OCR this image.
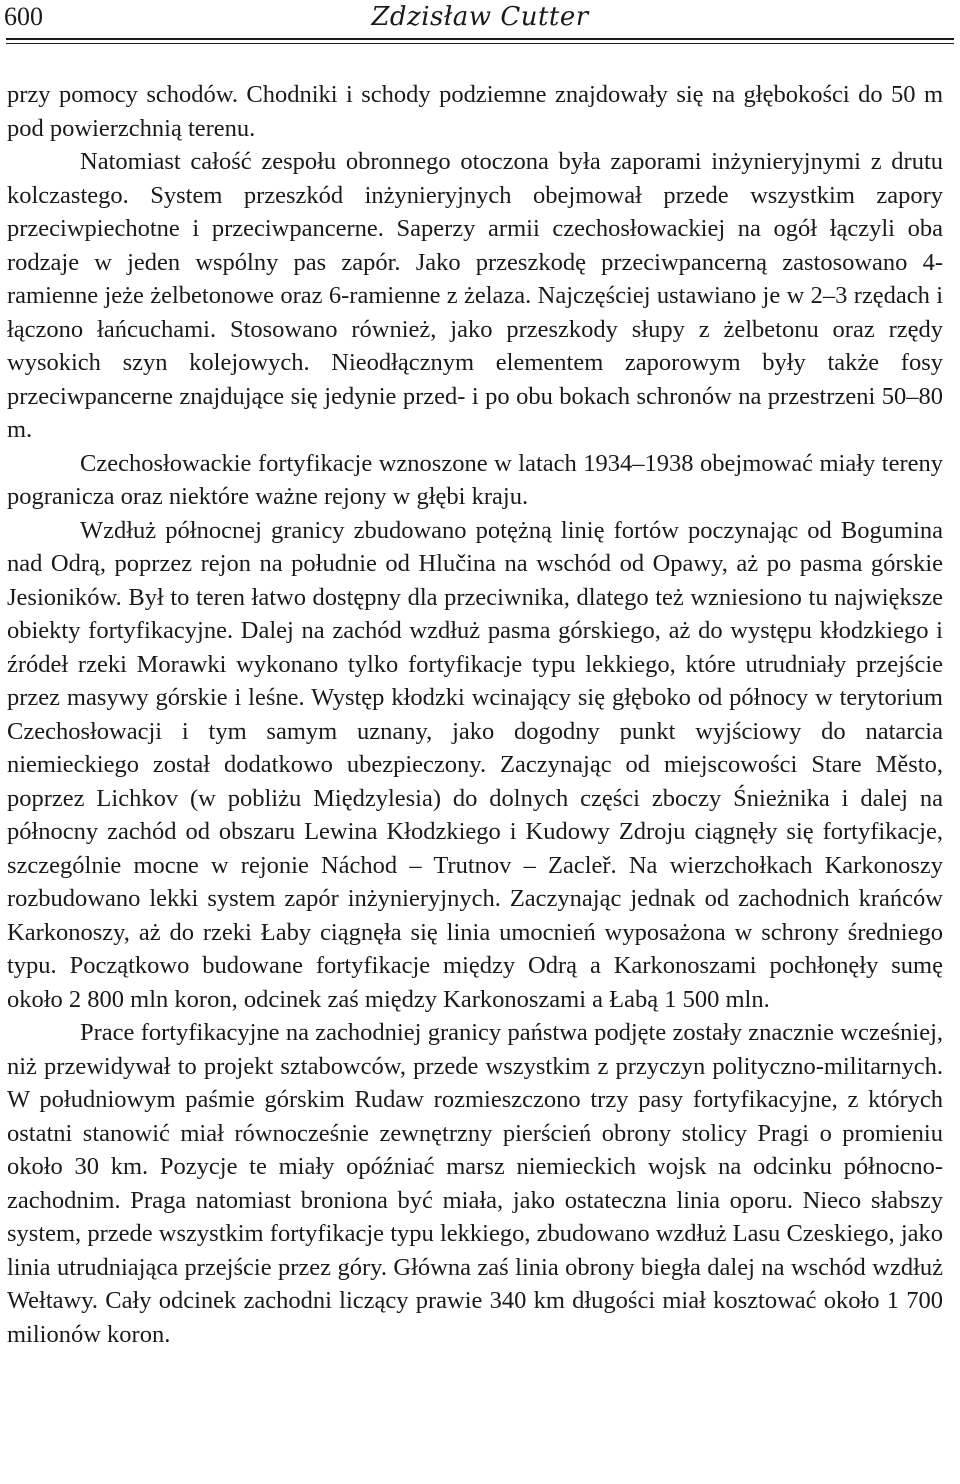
600	Zdzisław Cutter

przy pomocy schodów. Chodniki i schody podziemne znajdowały się na głębokości do 50 m pod powierzchnią terenu.

Natomiast całość zespołu obronnego otoczona była zaporami inżynieryjnymi z drutu kolczastego. System przeszkód inżynieryjnych obejmował przede wszystkim zapory przeciwpiechotne i przeciwpancerne. Saperzy armii czechosłowackiej na ogół łączyli oba rodzaje w jeden wspólny pas zapór. Jako przeszkodę przeciwpancerną zastosowano 4-ramienne jeże żelbetonowe oraz 6-ramienne z żelaza. Najczęściej ustawiano je w 2–3 rzędach i łączono łańcuchami. Stosowano również, jako przeszkody słupy z żelbetonu oraz rzędy wysokich szyn kolejowych. Nieodłącznym elementem zaporowym były także fosy przeciwpancerne znajdujące się jedynie przed- i po obu bokach schronów na przestrzeni 50–80 m.

Czechosłowackie fortyfikacje wznoszone w latach 1934–1938 obejmować miały tereny pogranicza oraz niektóre ważne rejony w głębi kraju.

Wzdłuż północnej granicy zbudowano potężną linię fortów poczynając od Bogumina nad Odrą, poprzez rejon na południe od Hlučina na wschód od Opawy, aż po pasma górskie Jesioników. Był to teren łatwo dostępny dla przeciwnika, dlatego też wzniesiono tu największe obiekty fortyfikacyjne. Dalej na zachód wzdłuż pasma górskiego, aż do występu kłodzkiego i źródeł rzeki Morawki wykonano tylko fortyfikacje typu lekkiego, które utrudniały przejście przez masywy górskie i leśne. Występ kłodzki wcinający się głęboko od północy w terytorium Czechosłowacji i tym samym uznany, jako dogodny punkt wyjściowy do natarcia niemieckiego został dodatkowo ubezpieczony. Zaczynając od miejscowości Stare Město, poprzez Lichkov (w pobliżu Międzylesia) do dolnych części zboczy Śnieżnika i dalej na północny zachód od obszaru Lewina Kłodzkiego i Kudowy Zdroju ciągnęły się fortyfikacje, szczególnie mocne w rejonie Náchod – Trutnov – Zacleř. Na wierzchołkach Karkonoszy rozbudowano lekki system zapór inżynieryjnych. Zaczynając jednak od zachodnich krańców Karkonoszy, aż do rzeki Łaby ciągnęła się linia umocnień wyposażona w schrony średniego typu. Początkowo budowane fortyfikacje między Odrą a Karkonoszami pochłonęły sumę około 2 800 mln koron, odcinek zaś między Karkonoszami a Łabą 1 500 mln.

Prace fortyfikacyjne na zachodniej granicy państwa podjęte zostały znacznie wcześniej, niż przewidywał to projekt sztabowców, przede wszystkim z przyczyn polityczno-militarnych. W południowym paśmie górskim Rudaw rozmieszczono trzy pasy fortyfikacyjne, z których ostatni stanowić miał równocześnie zewnętrzny pierścień obrony stolicy Pragi o promieniu około 30 km. Pozycje te miały opóźniać marsz niemieckich wojsk na odcinku północno-zachodnim. Praga natomiast broniona być miała, jako ostateczna linia oporu. Nieco słabszy system, przede wszystkim fortyfikacje typu lekkiego, zbudowano wzdłuż Lasu Czeskiego, jako linia utrudniająca przejście przez góry. Główna zaś linia obrony biegła dalej na wschód wzdłuż Wełtawy. Cały odcinek zachodni liczący prawie 340 km długości miał kosztować około 1 700 milionów koron.
